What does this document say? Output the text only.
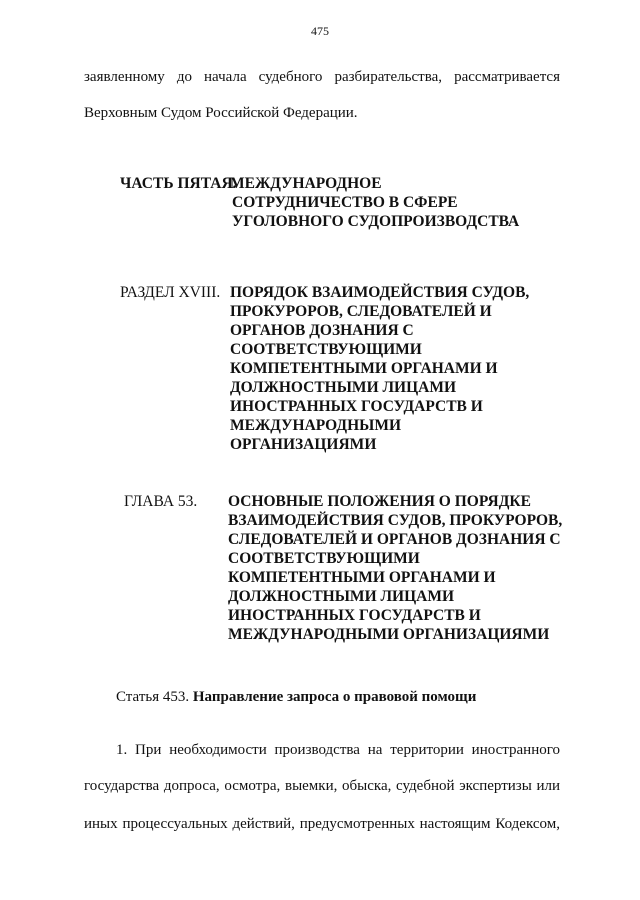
475
заявленному до начала судебного разбирательства, рассматривается
Верховным Судом Российской Федерации.
ЧАСТЬ ПЯТАЯ.
МЕЖДУНАРОДНОЕ
СОТРУДНИЧЕСТВО В СФЕРЕ
УГОЛОВНОГО СУДОПРОИЗВОДСТВА
РАЗДЕЛ XVIII. ПОРЯДОК ВЗАИМОДЕЙСТВИЯ СУДОВ,
ПРОКУРОРОВ, СЛЕДОВАТЕЛЕЙ И
ОРГАНОВ ДОЗНАНИЯ С
СООТВЕТСТВУЮЩИМИ
КОМПЕТЕНТНЫМИ ОРГАНАМИ И
ДОЛЖНОСТНЫМИ ЛИЦАМИ
ИНОСТРАННЫХ ГОСУДАРСТВ И
МЕЖДУНАРОДНЫМИ
ОРГАНИЗАЦИЯМИ
ГЛАВА 53. ОСНОВНЫЕ ПОЛОЖЕНИЯ О ПОРЯДКЕ
ВЗАИМОДЕЙСТВИЯ СУДОВ, ПРОКУРОРОВ,
СЛЕДОВАТЕЛЕЙ И ОРГАНОВ ДОЗНАНИЯ С
СООТВЕТСТВУЮЩИМИ
КОМПЕТЕНТНЫМИ ОРГАНАМИ И
ДОЛЖНОСТНЫМИ ЛИЦАМИ
ИНОСТРАННЫХ ГОСУДАРСТВ И
МЕЖДУНАРОДНЫМИ ОРГАНИЗАЦИЯМИ
Статья 453. Направление запроса о правовой помощи
1. При необходимости производства на территории иностранного
государства допроса, осмотра, выемки, обыска, судебной экспертизы или
иных процессуальных действий, предусмотренных настоящим Кодексом,
